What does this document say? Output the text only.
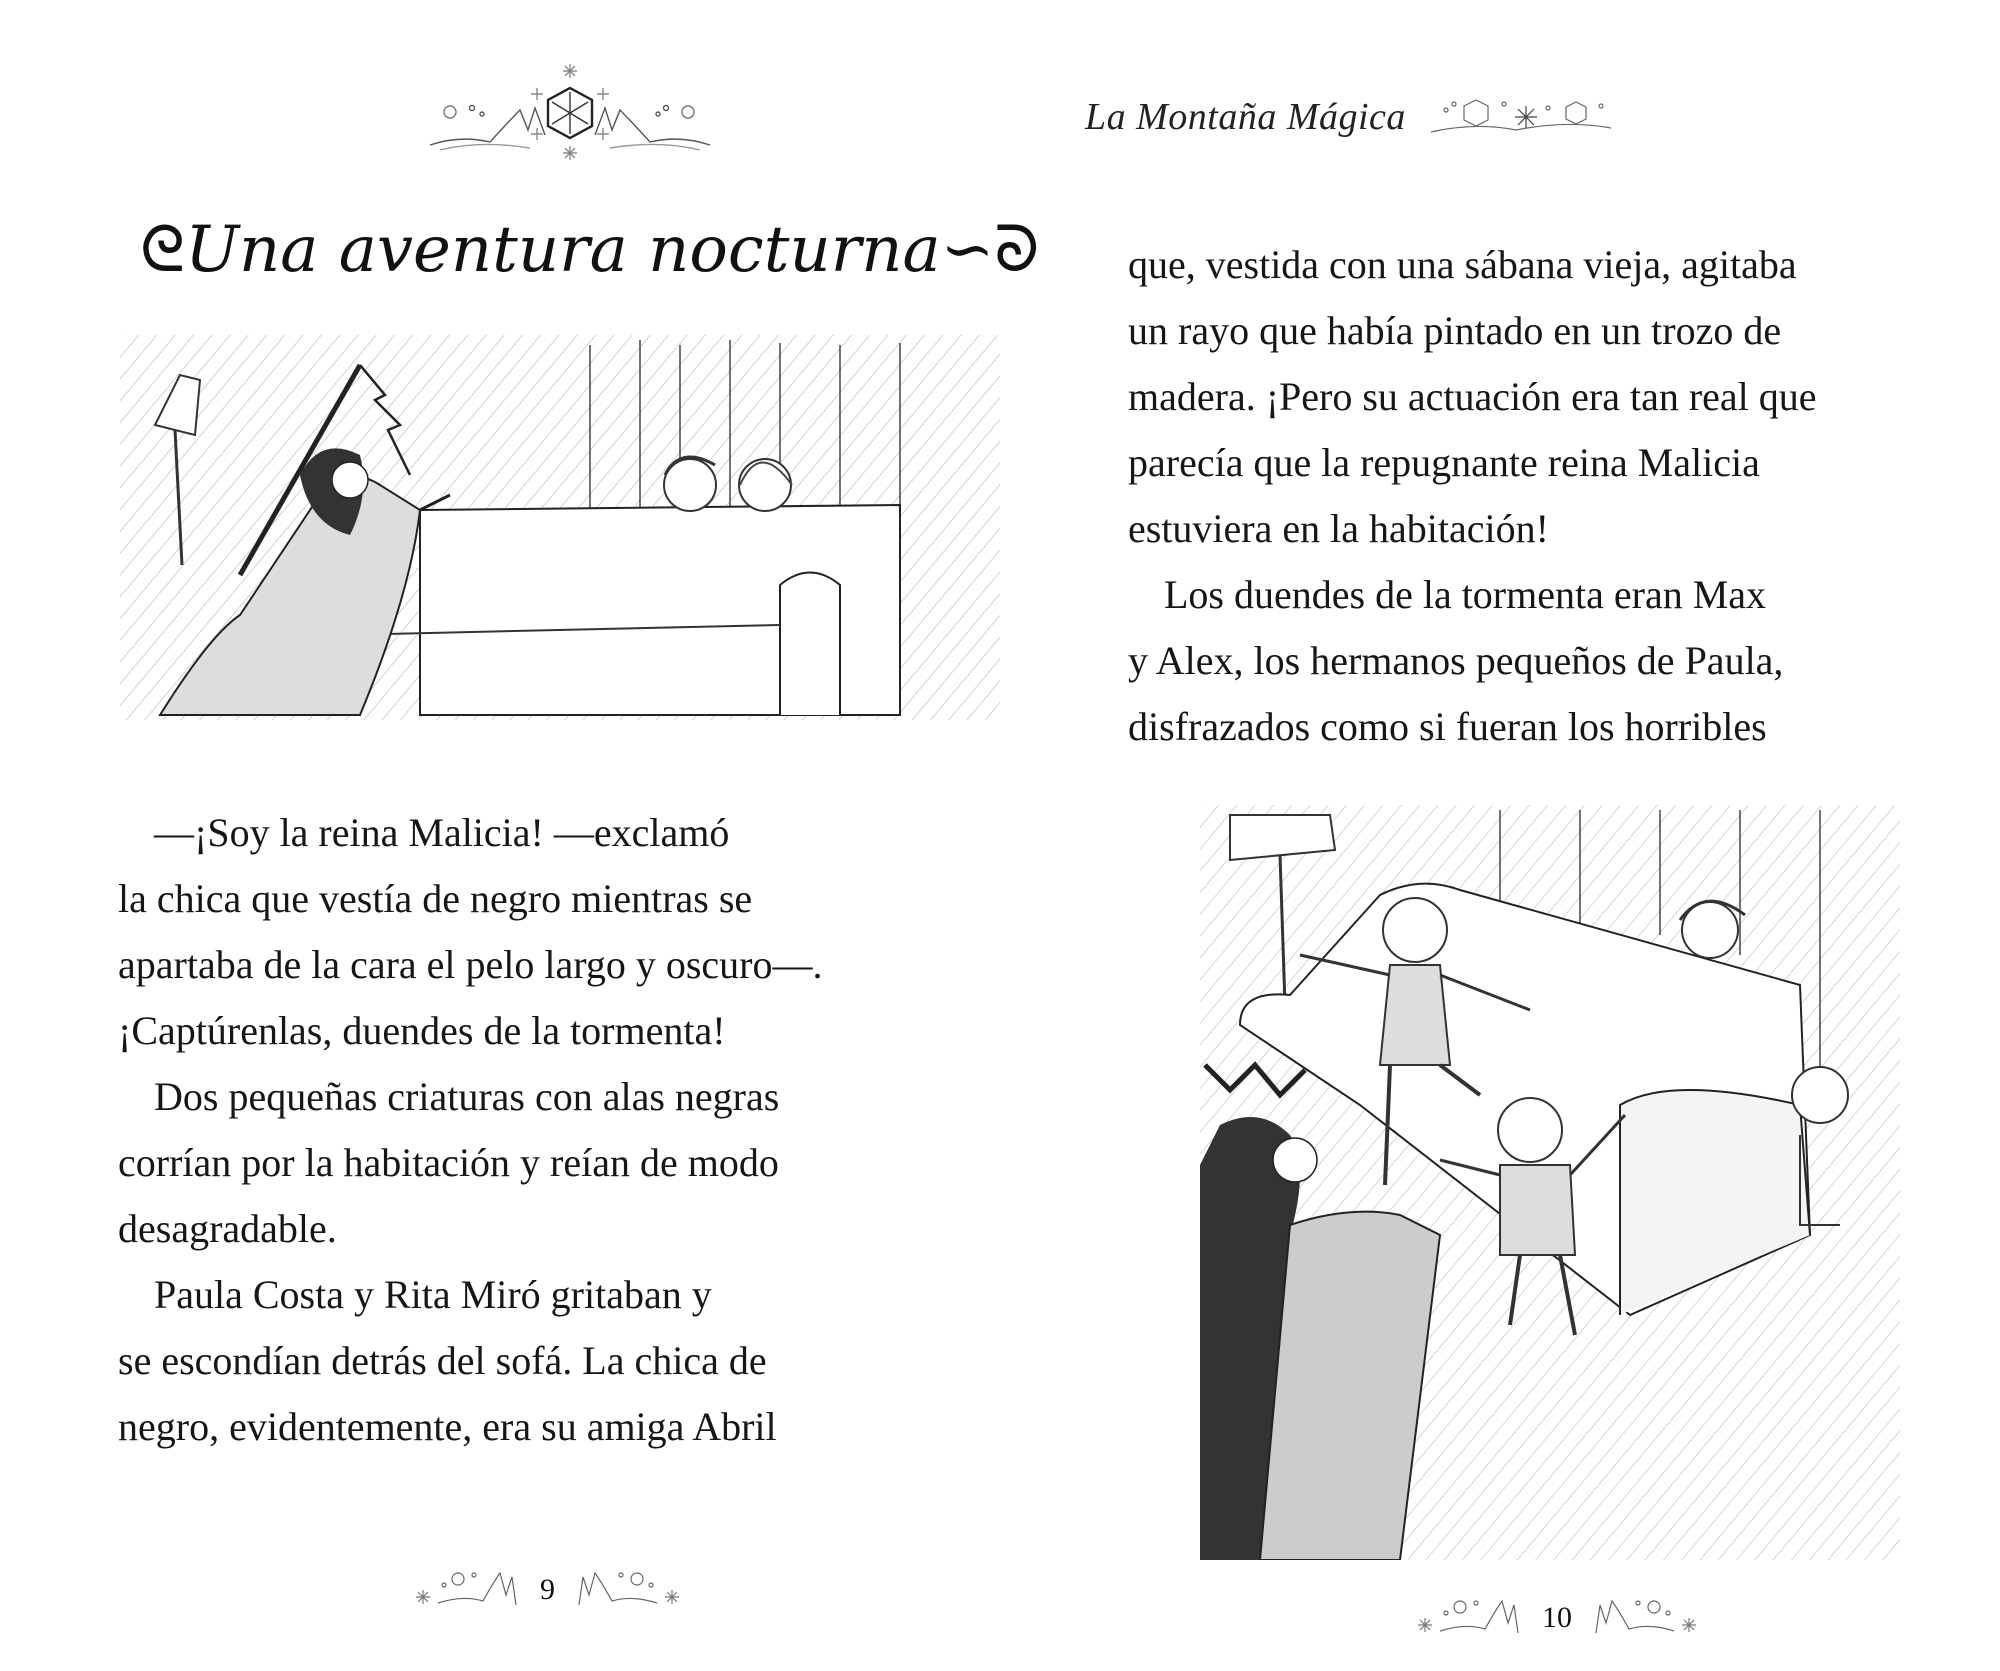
ᘓUna aventura nocturna∽ᘐ
—¡Soy la reina Malicia! —exclamó
la chica que vestía de negro mientras se
apartaba de la cara el pelo largo y oscuro—.
¡Captúrenlas, duendes de la tormenta!
Dos pequeñas criaturas con alas negras
corrían por la habitación y reían de modo
desagradable.
Paula Costa y Rita Miró gritaban y
se escondían detrás del sofá. La chica de
negro, evidentemente, era su amiga Abril
9
La Montaña Mágica
que, vestida con una sábana vieja, agitaba
un rayo que había pintado en un trozo de
madera. ¡Pero su actuación era tan real que
parecía que la repugnante reina Malicia
estuviera en la habitación!
Los duendes de la tormenta eran Max
y Alex, los hermanos pequeños de Paula,
disfrazados como si fueran los horribles
10
